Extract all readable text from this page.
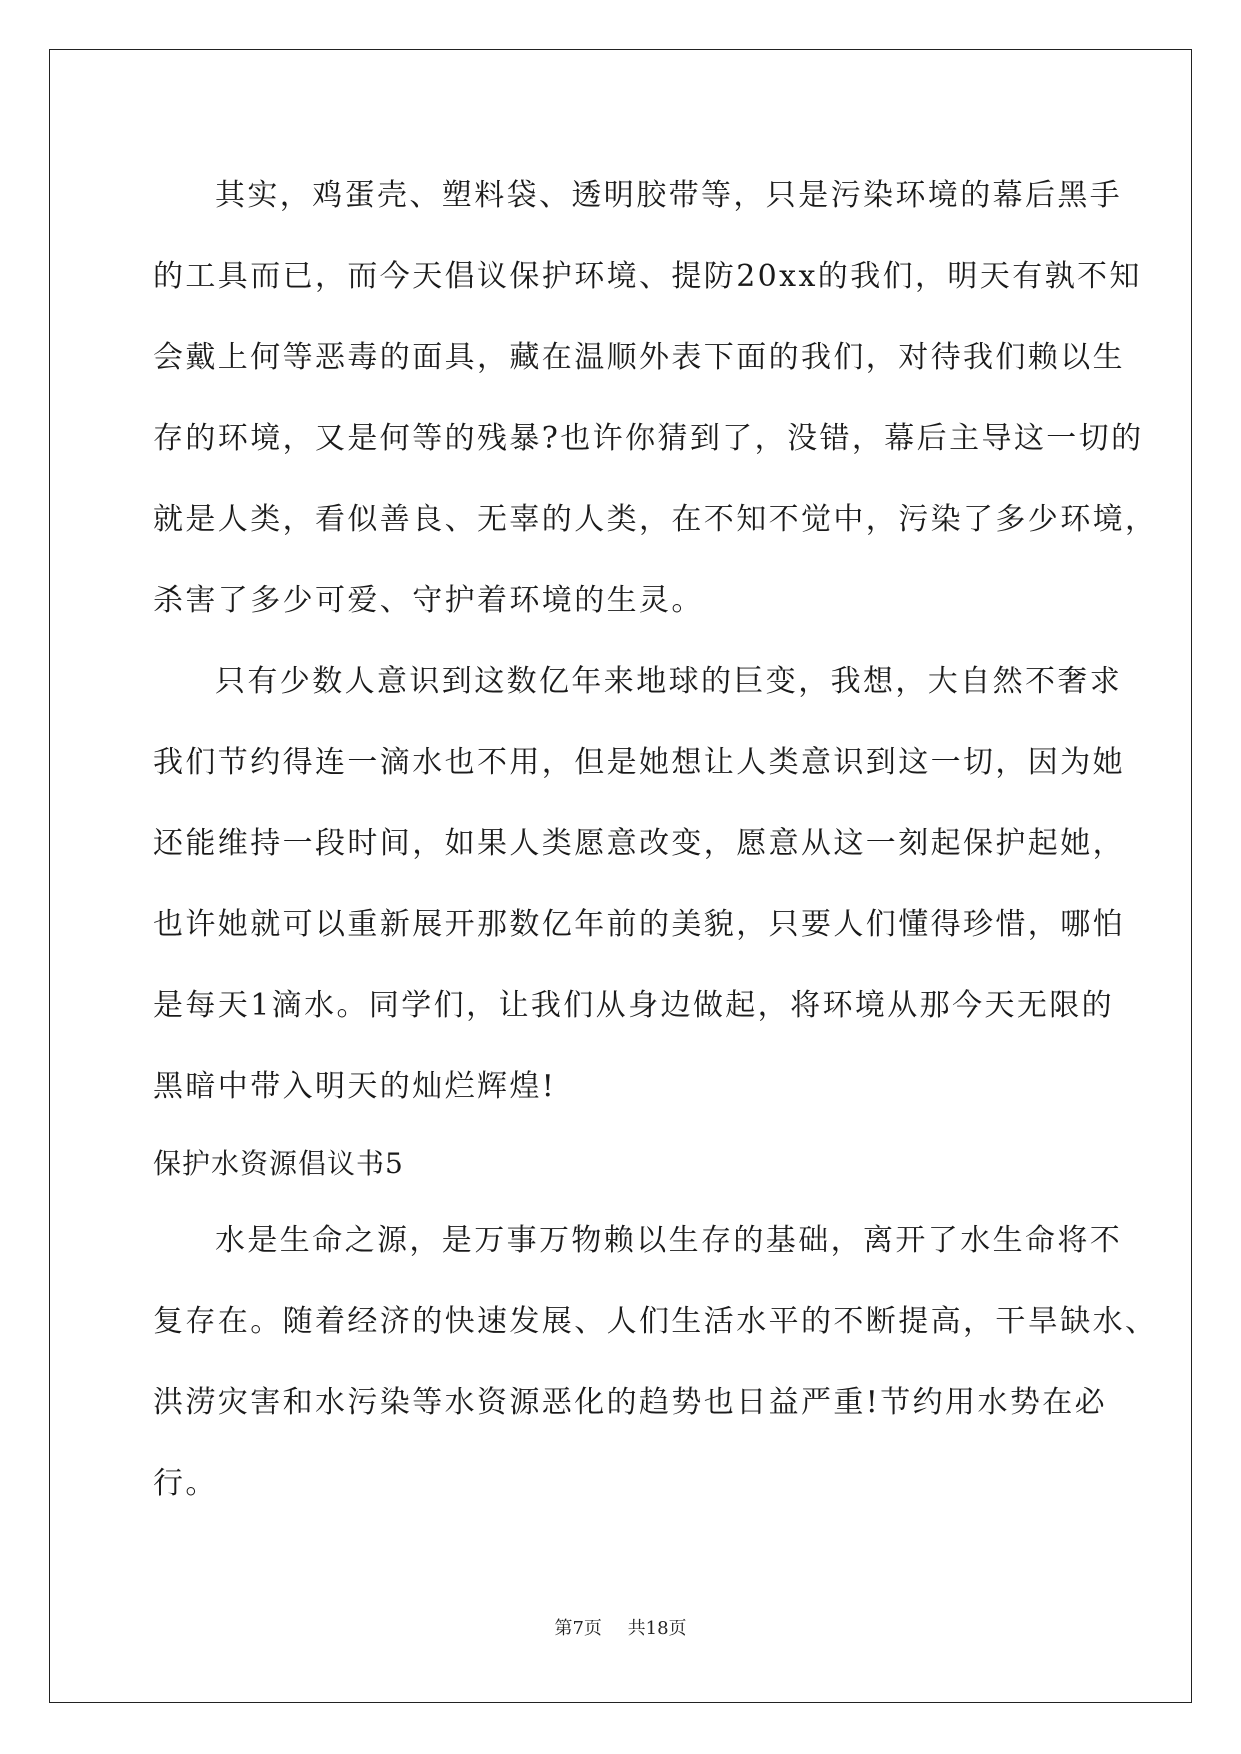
其实，鸡蛋壳、塑料袋、透明胶带等，只是污染环境的幕后黑手
的工具而已，而今天倡议保护环境、提防20xx的我们，明天有孰不知
会戴上何等恶毒的面具，藏在温顺外表下面的我们，对待我们赖以生
存的环境，又是何等的残暴?也许你猜到了，没错，幕后主导这一切的
就是人类，看似善良、无辜的人类，在不知不觉中，污染了多少环境，
杀害了多少可爱、守护着环境的生灵。
只有少数人意识到这数亿年来地球的巨变，我想，大自然不奢求
我们节约得连一滴水也不用，但是她想让人类意识到这一切，因为她
还能维持一段时间，如果人类愿意改变，愿意从这一刻起保护起她，
也许她就可以重新展开那数亿年前的美貌，只要人们懂得珍惜，哪怕
是每天1滴水。同学们，让我们从身边做起，将环境从那今天无限的
黑暗中带入明天的灿烂辉煌!
保护水资源倡议书5
水是生命之源，是万事万物赖以生存的基础，离开了水生命将不
复存在。随着经济的快速发展、人们生活水平的不断提高，干旱缺水、
洪涝灾害和水污染等水资源恶化的趋势也日益严重!节约用水势在必
行。
第7页 共18页
